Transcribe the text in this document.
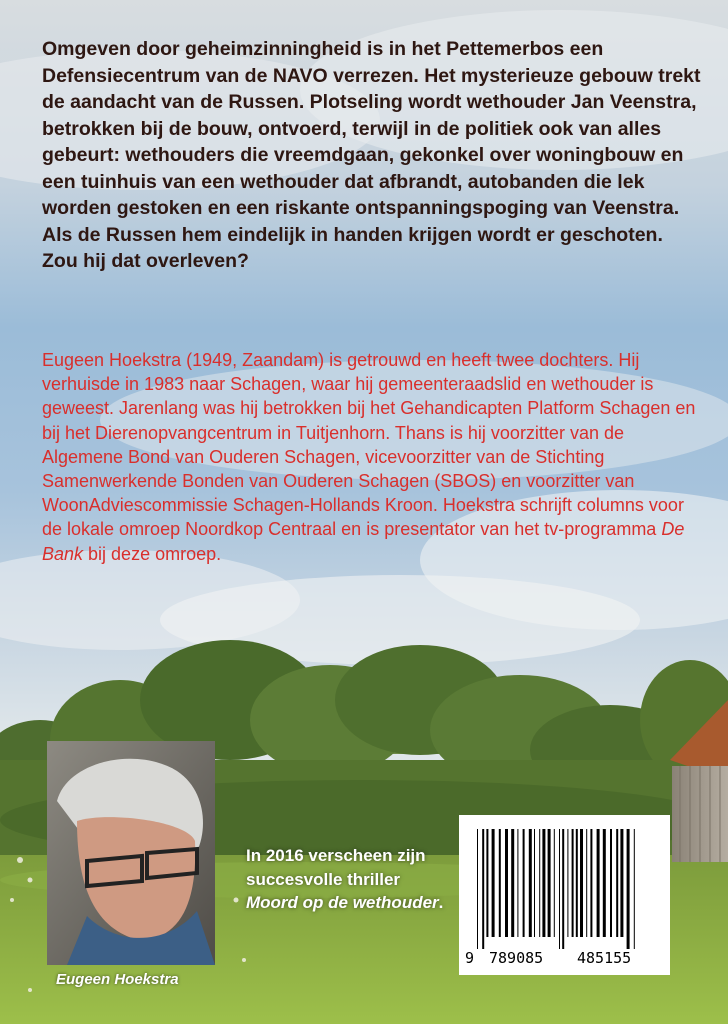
Omgeven door geheimzinningheid is in het Pettemerbos een Defensiecentrum van de NAVO verrezen. Het mysterieuze gebouw trekt de aandacht van de Russen. Plotseling wordt wethouder Jan Veenstra, betrokken bij de bouw, ontvoerd, terwijl in de politiek ook van alles gebeurt: wethouders die vreemdgaan, gekonkel over woningbouw en een tuinhuis van een wethouder dat afbrandt, autobanden die lek worden gestoken en een riskante ontspanningspoging van Veenstra. Als de Russen hem eindelijk in handen krijgen wordt er geschoten. Zou hij dat overleven?

Eugeen Hoekstra (1949, Zaandam) is getrouwd en heeft twee dochters. Hij verhuisde in 1983 naar Schagen, waar hij gemeenteraadslid en wethouder is geweest. Jarenlang was hij betrokken bij het Gehandicapten Platform Schagen en bij het Dierenopvangcentrum in Tuitjenhorn. Thans is hij voorzitter van de Algemene Bond van Ouderen Schagen, vicevoorzitter van de Stichting Samenwerkende Bonden van Ouderen Schagen (SBOS) en voorzitter van WoonAdviescommissie Schagen-Hollands Kroon. Hoekstra schrijft columns voor de lokale omroep Noordkop Centraal en is presentator van het tv-programma De Bank bij deze omroep.

Eugeen Hoekstra

In 2016 verscheen zijn succesvolle thriller Moord op de wethouder.

9 789085 485155
